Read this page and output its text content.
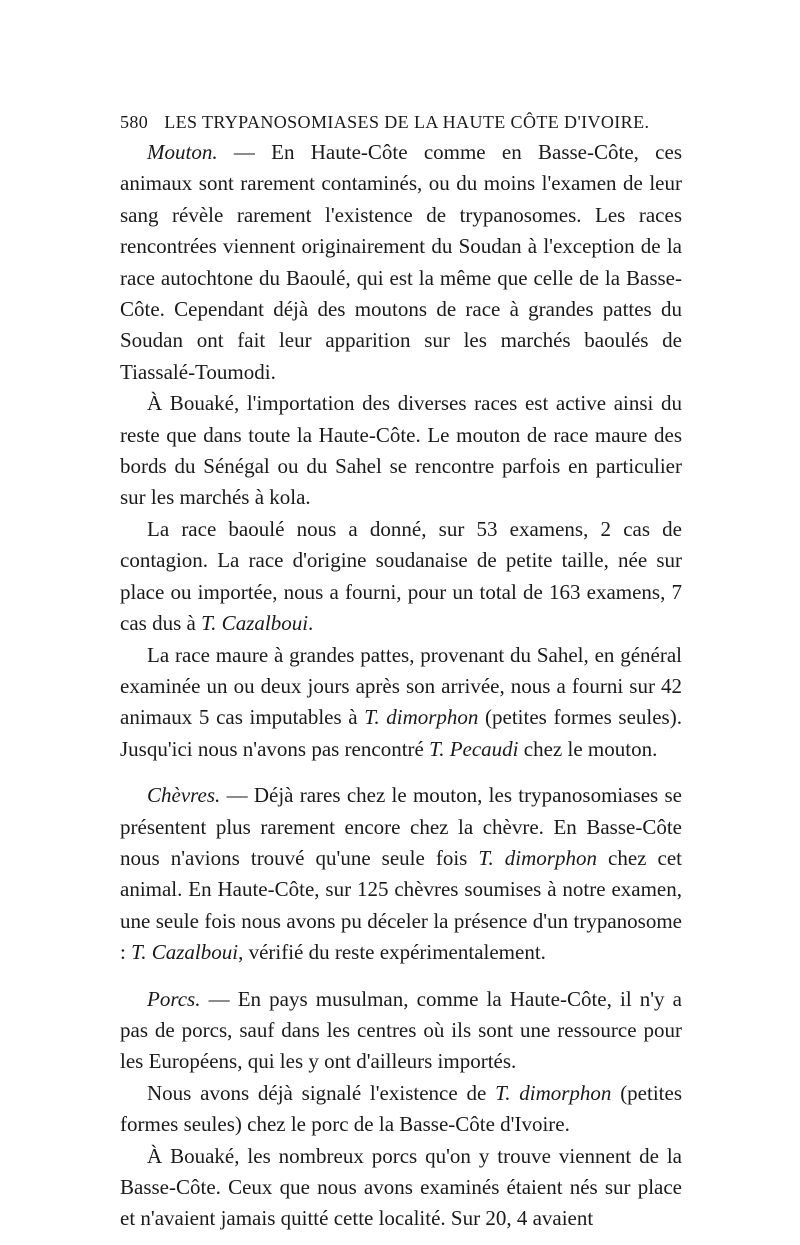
580 LES TRYPANOSOMIASES DE LA HAUTE CÔTE D'IVOIRE.

Mouton. — En Haute-Côte comme en Basse-Côte, ces animaux sont rarement contaminés, ou du moins l'examen de leur sang révèle rarement l'existence de trypanosomes. Les races rencontrées viennent originairement du Soudan à l'exception de la race autochtone du Baoulé, qui est la même que celle de la Basse-Côte. Cependant déjà des moutons de race à grandes pattes du Soudan ont fait leur apparition sur les marchés baoulés de Tiassalé-Toumodi.

À Bouaké, l'importation des diverses races est active ainsi du reste que dans toute la Haute-Côte. Le mouton de race maure des bords du Sénégal ou du Sahel se rencontre parfois en particulier sur les marchés à kola.

La race baoulé nous a donné, sur 53 examens, 2 cas de contagion. La race d'origine soudanaise de petite taille, née sur place ou importée, nous a fourni, pour un total de 163 examens, 7 cas dus à T. Cazalboui.

La race maure à grandes pattes, provenant du Sahel, en général examinée un ou deux jours après son arrivée, nous a fourni sur 42 animaux 5 cas imputables à T. dimorphon (petites formes seules). Jusqu'ici nous n'avons pas rencontré T. Pecaudi chez le mouton.

Chèvres. — Déjà rares chez le mouton, les trypanosomiases se présentent plus rarement encore chez la chèvre. En Basse-Côte nous n'avions trouvé qu'une seule fois T. dimorphon chez cet animal. En Haute-Côte, sur 125 chèvres soumises à notre examen, une seule fois nous avons pu déceler la présence d'un trypanosome : T. Cazalboui, vérifié du reste expérimentalement.

Porcs. — En pays musulman, comme la Haute-Côte, il n'y a pas de porcs, sauf dans les centres où ils sont une ressource pour les Européens, qui les y ont d'ailleurs importés.

Nous avons déjà signalé l'existence de T. dimorphon (petites formes seules) chez le porc de la Basse-Côte d'Ivoire.

À Bouaké, les nombreux porcs qu'on y trouve viennent de la Basse-Côte. Ceux que nous avons examinés étaient nés sur place et n'avaient jamais quitté cette localité. Sur 20, 4 avaient
